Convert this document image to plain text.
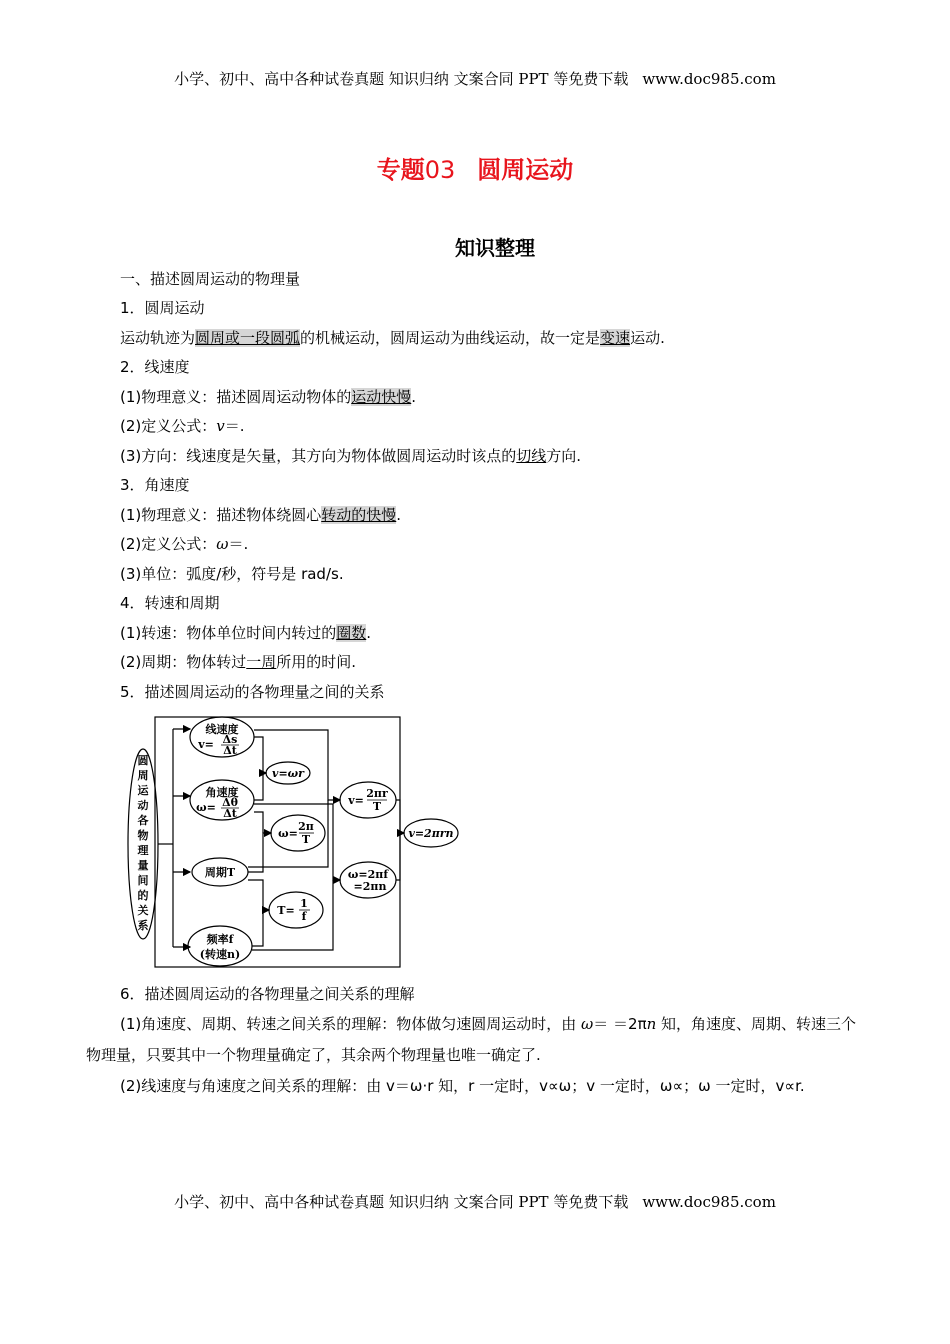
小学、初中、高中各种试卷真题 知识归纳 文案合同 PPT 等免费下载 www.doc985.com
专题03 圆周运动
知识整理
一、描述圆周运动的物理量
1．圆周运动
运动轨迹为圆周或一段圆弧的机械运动，圆周运动为曲线运动，故一定是变速运动.
2．线速度
(1)物理意义：描述圆周运动物体的运动快慢.
(2)定义公式：v＝.
(3)方向：线速度是矢量，其方向为物体做圆周运动时该点的切线方向.
3．角速度
(1)物理意义：描述物体绕圆心转动的快慢.
(2)定义公式：ω＝.
(3)单位：弧度/秒，符号是 rad/s.
4．转速和周期
(1)转速：物体单位时间内转过的圈数.
(2)周期：物体转过一周所用的时间.
5．描述圆周运动的各物理量之间的关系
圆
周
运
动
各
物
理
量
间
的
关
系
线速度
v= Δs
Δt
角速度
ω= Δθ
Δt
周期T
频率f
(转速n)
v=ωr
ω=
2π
T
T=
1
f
v=
2πr
T
ω=2πf
=2πn
v=2πrn
6．描述圆周运动的各物理量之间关系的理解
(1)角速度、周期、转速之间关系的理解：物体做匀速圆周运动时，由 ω＝ ＝2πn 知，角速度、周期、转速三个物理量，只要其中一个物理量确定了，其余两个物理量也唯一确定了.
(2)线速度与角速度之间关系的理解：由 v＝ω·r 知，r 一定时，v∝ω；v 一定时，ω∝；ω 一定时，v∝r.
小学、初中、高中各种试卷真题 知识归纳 文案合同 PPT 等免费下载 www.doc985.com
